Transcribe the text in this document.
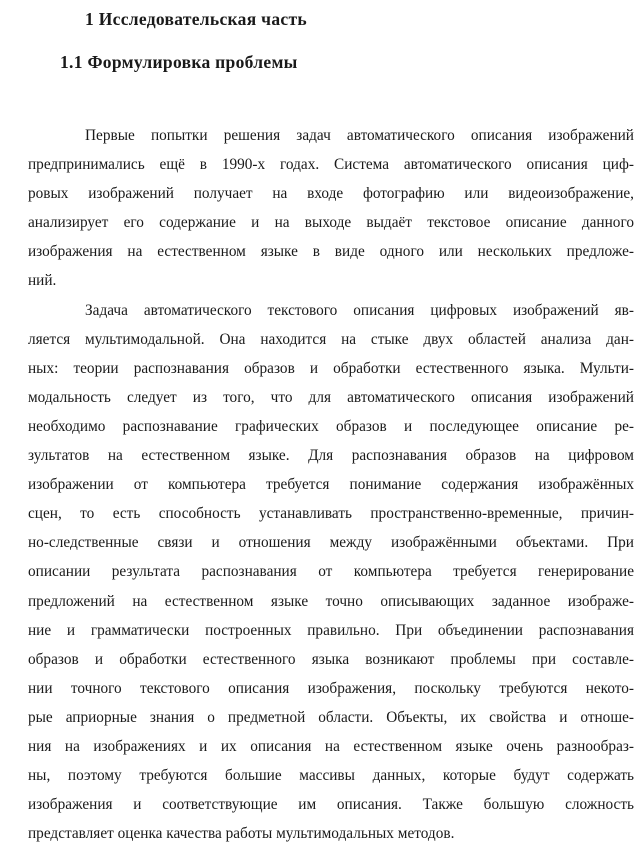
1 Исследовательская часть
1.1 Формулировка проблемы
Первые попытки решения задач автоматического описания изображений
предпринимались ещё в 1990-х годах. Система автоматического описания циф-
ровых изображений получает на входе фотографию или видеоизображение,
анализирует его содержание и на выходе выдаёт текстовое описание данного
изображения на естественном языке в виде одного или нескольких предложе-
ний.
Задача автоматического текстового описания цифровых изображений яв-
ляется мультимодальной. Она находится на стыке двух областей анализа дан-
ных: теории распознавания образов и обработки естественного языка. Мульти-
модальность следует из того, что для автоматического описания изображений
необходимо распознавание графических образов и последующее описание ре-
зультатов на естественном языке. Для распознавания образов на цифровом
изображении от компьютера требуется понимание содержания изображённых
сцен, то есть способность устанавливать пространственно-временные, причин-
но-следственные связи и отношения между изображёнными объектами. При
описании результата распознавания от компьютера требуется генерирование
предложений на естественном языке точно описывающих заданное изображе-
ние и грамматически построенных правильно. При объединении распознавания
образов и обработки естественного языка возникают проблемы при составле-
нии точного текстового описания изображения, поскольку требуются некото-
рые априорные знания о предметной области. Объекты, их свойства и отноше-
ния на изображениях и их описания на естественном языке очень разнообраз-
ны, поэтому требуются большие массивы данных, которые будут содержать
изображения и соответствующие им описания. Также большую сложность
представляет оценка качества работы мультимодальных методов.
